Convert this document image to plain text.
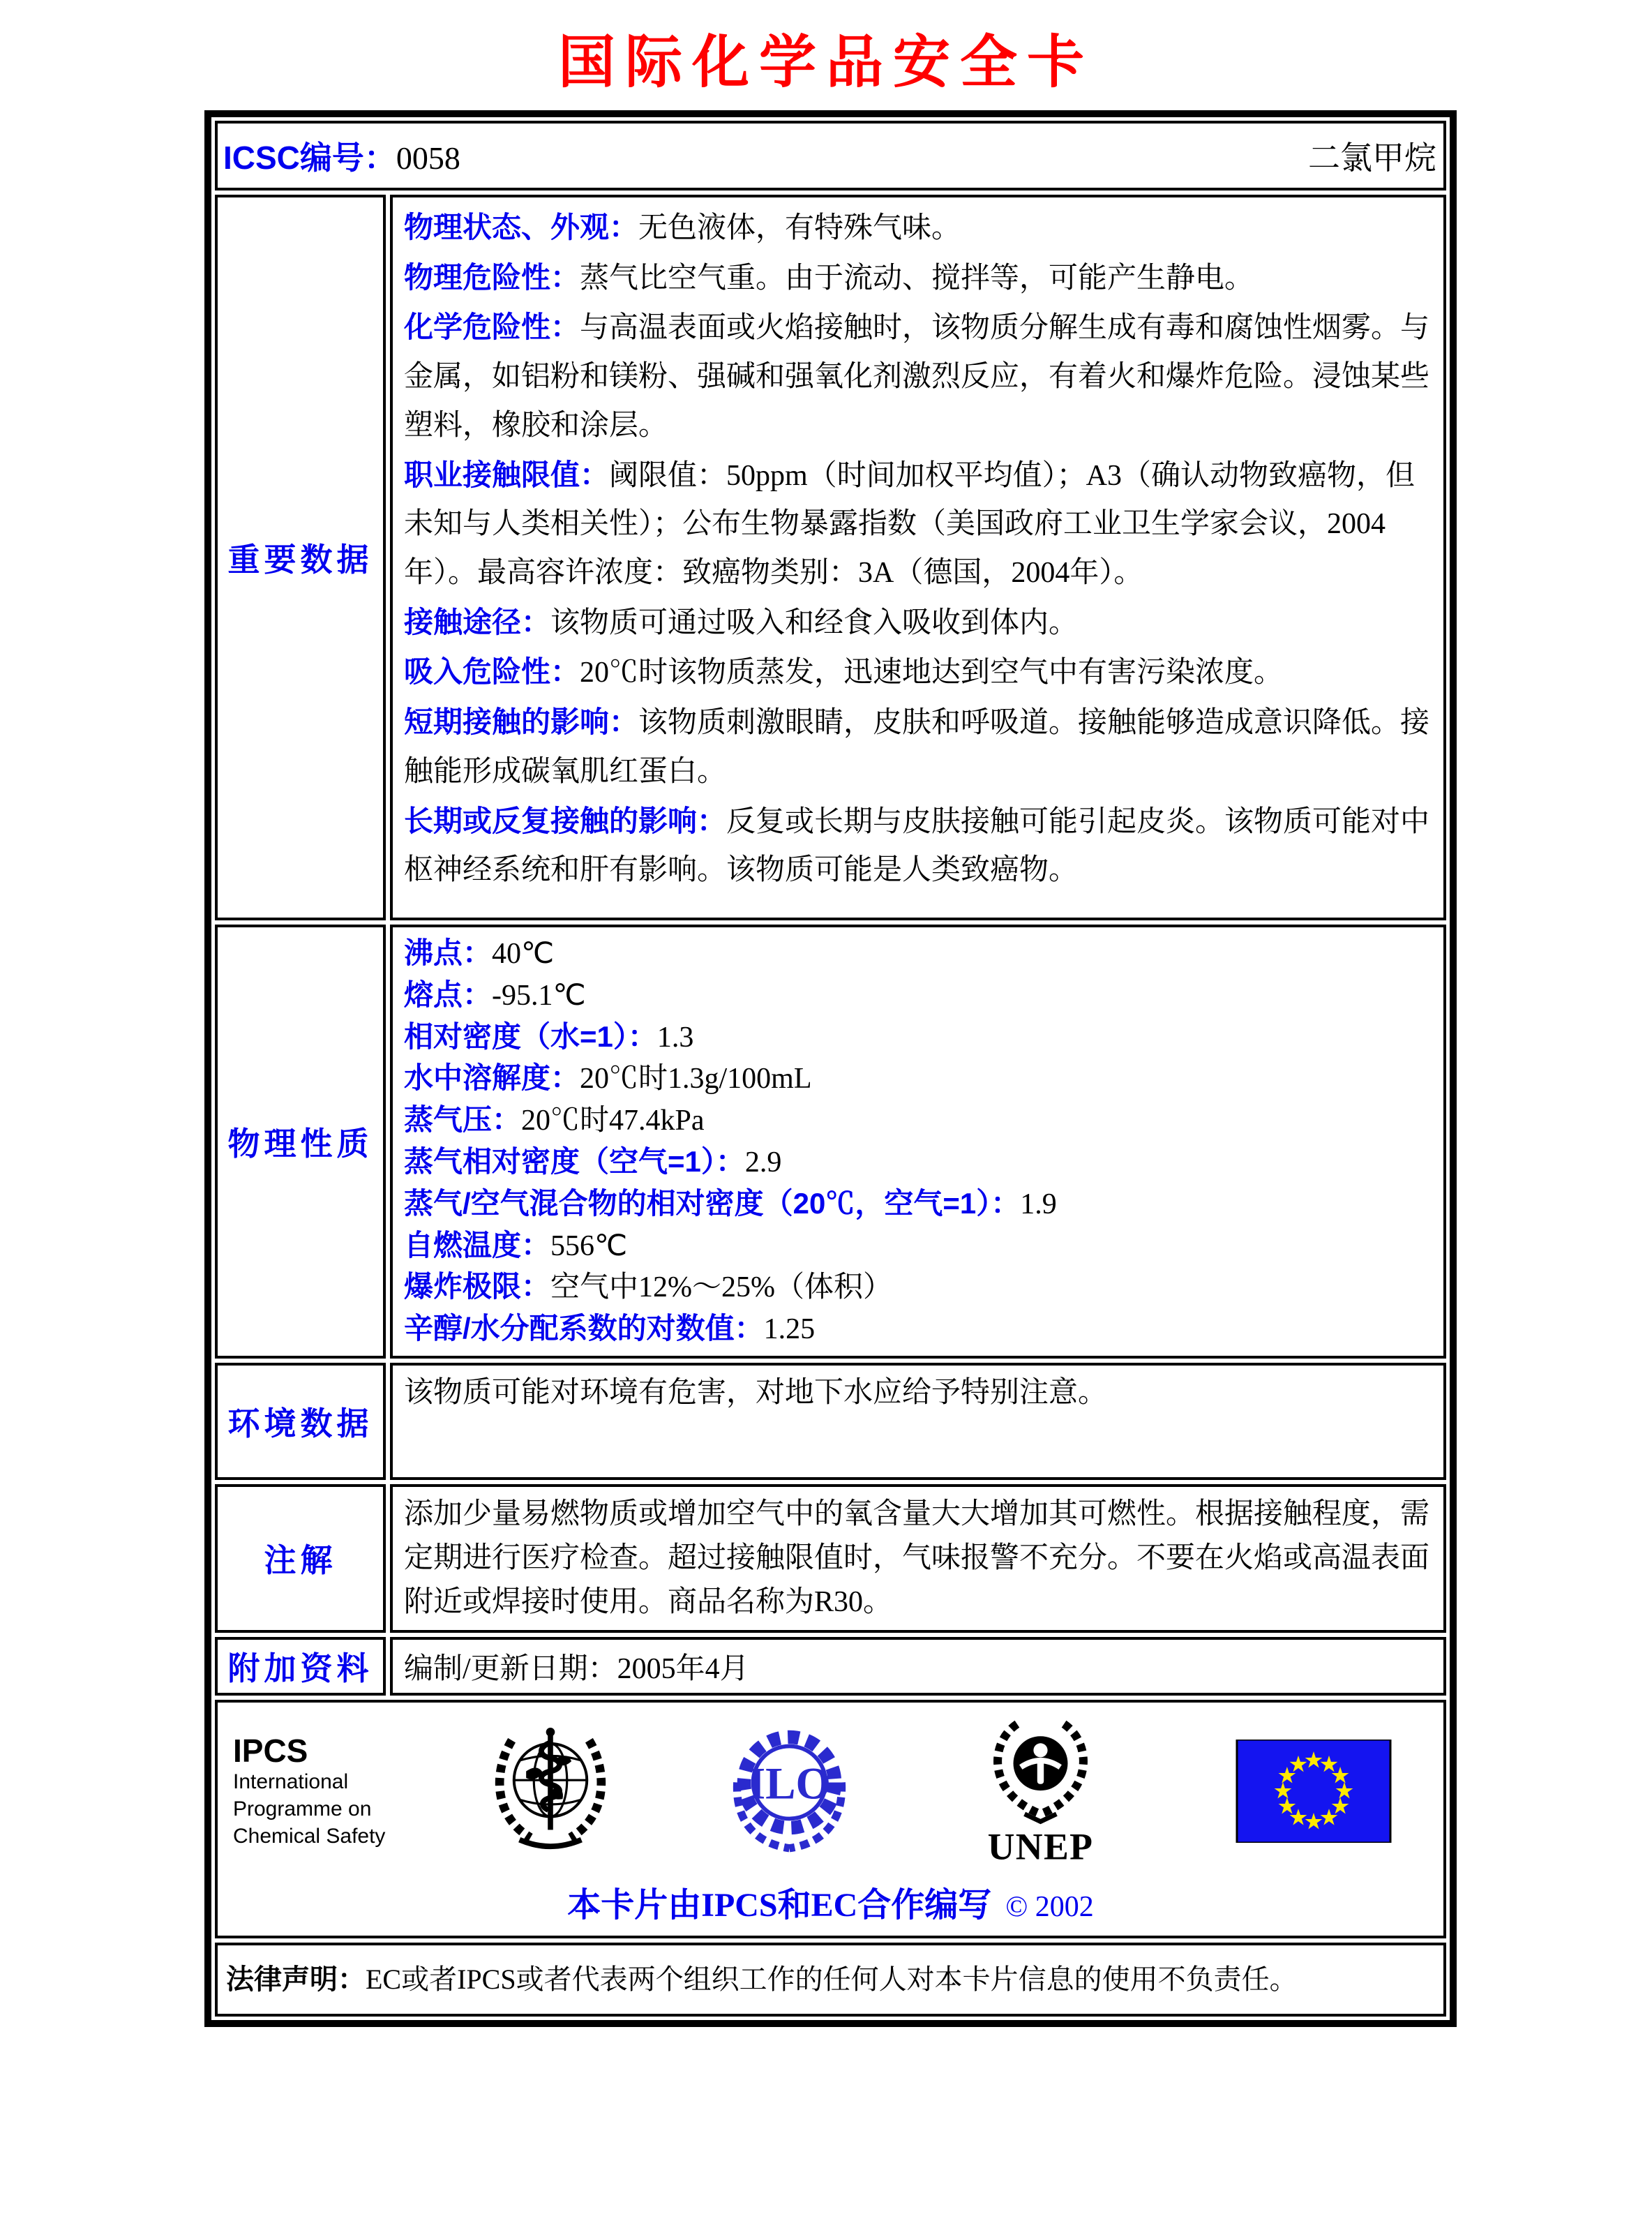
国际化学品安全卡
ICSC编号：0058	二氯甲烷
重要数据

物理状态、外观：无色液体，有特殊气味。

物理危险性：蒸气比空气重。由于流动、搅拌等，可能产生静电。

化学危险性：与高温表面或火焰接触时，该物质分解生成有毒和腐蚀性烟雾。与金属，如铝粉和镁粉、强碱和强氧化剂激烈反应，有着火和爆炸危险。浸蚀某些塑料，橡胶和涂层。

职业接触限值：阈限值：50ppm（时间加权平均值）；A3（确认动物致癌物，但未知与人类相关性）；公布生物暴露指数（美国政府工业卫生学家会议，2004年）。最高容许浓度：致癌物类别：3A（德国，2004年）。

接触途径：该物质可通过吸入和经食入吸收到体内。

吸入危险性：20℃时该物质蒸发，迅速地达到空气中有害污染浓度。

短期接触的影响：该物质刺激眼睛，皮肤和呼吸道。接触能够造成意识降低。接触能形成碳氧肌红蛋白。

长期或反复接触的影响：反复或长期与皮肤接触可能引起皮炎。该物质可能对中枢神经系统和肝有影响。该物质可能是人类致癌物。

物理性质

沸点：40℃

熔点：-95.1℃

相对密度（水=1）：1.3

水中溶解度：20℃时1.3g/100mL

蒸气压：20℃时47.4kPa

蒸气相对密度（空气=1）：2.9

蒸气/空气混合物的相对密度（20℃，空气=1）：1.9

自燃温度：556℃

爆炸极限：空气中12%～25%（体积）

辛醇/水分配系数的对数值：1.25

环境数据

该物质可能对环境有危害，对地下水应给予特别注意。

注解

添加少量易燃物质或增加空气中的氧含量大大增加其可燃性。根据接触程度，需定期进行医疗检查。超过接触限值时，气味报警不充分。不要在火焰或高温表面附近或焊接时使用。商品名称为R30。

附加资料 编制/更新日期：2005年4月

IPCS
International
Programme on
Chemical Safety
ILO
UNEP
本卡片由IPCS和EC合作编写 © 2002
法律声明：EC或者IPCS或者代表两个组织工作的任何人对本卡片信息的使用不负责任。
